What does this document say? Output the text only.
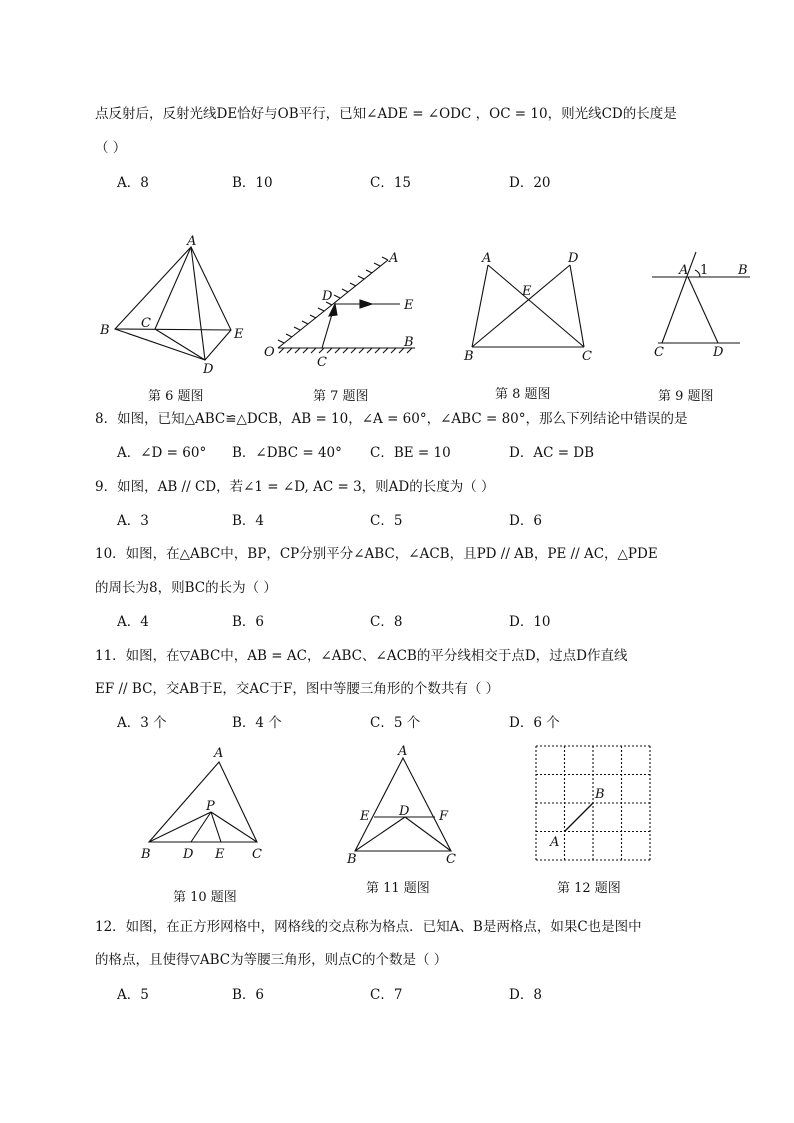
点反射后，反射光线DE恰好与OB平行，已知∠ADE = ∠ODC ，OC = 10，则光线CD的长度是
（ ）
A．8	B．10	C．15	D．20
A
B C
E
D
第 6 题图
A
D
E
O
C
B
第 7 题图
A	D
E
B	C
第 8 题图
A 1 B
C	D
第 9 题图
8．如图，已知△ABC≌△DCB，AB = 10，∠A = 60°，∠ABC = 80°，那么下列结论中错误的是
A．∠D = 60° B．∠DBC = 40° C．BE = 10	D．AC = DB
9．如图，AB // CD，若∠1 = ∠D, AC = 3，则AD的长度为（ ）
A．3	B．4	C．5	D．6
10．如图，在△ABC中，BP，CP分别平分∠ABC，∠ACB，且PD // AB，PE // AC，△PDE
的周长为8，则BC的长为（ ）
A．4	B．6	C．8	D．10
11．如图，在▽ABC中，AB = AC，∠ABC、∠ACB的平分线相交于点D，过点D作直线
EF // BC，交AB于E，交AC于F，图中等腰三角形的个数共有（ ）
A．3 个	B．4 个	C．5 个	D．6 个
A
P
B D E C
第 10 题图
A
E D F
B	C
第 11 题图
B
A
第 12 题图
12．如图，在正方形网格中，网格线的交点称为格点．已知A、B是两格点，如果C也是图中
的格点，且使得▽ABC为等腰三角形，则点C的个数是（ ）
A．5	B．6	C．7	D．8
